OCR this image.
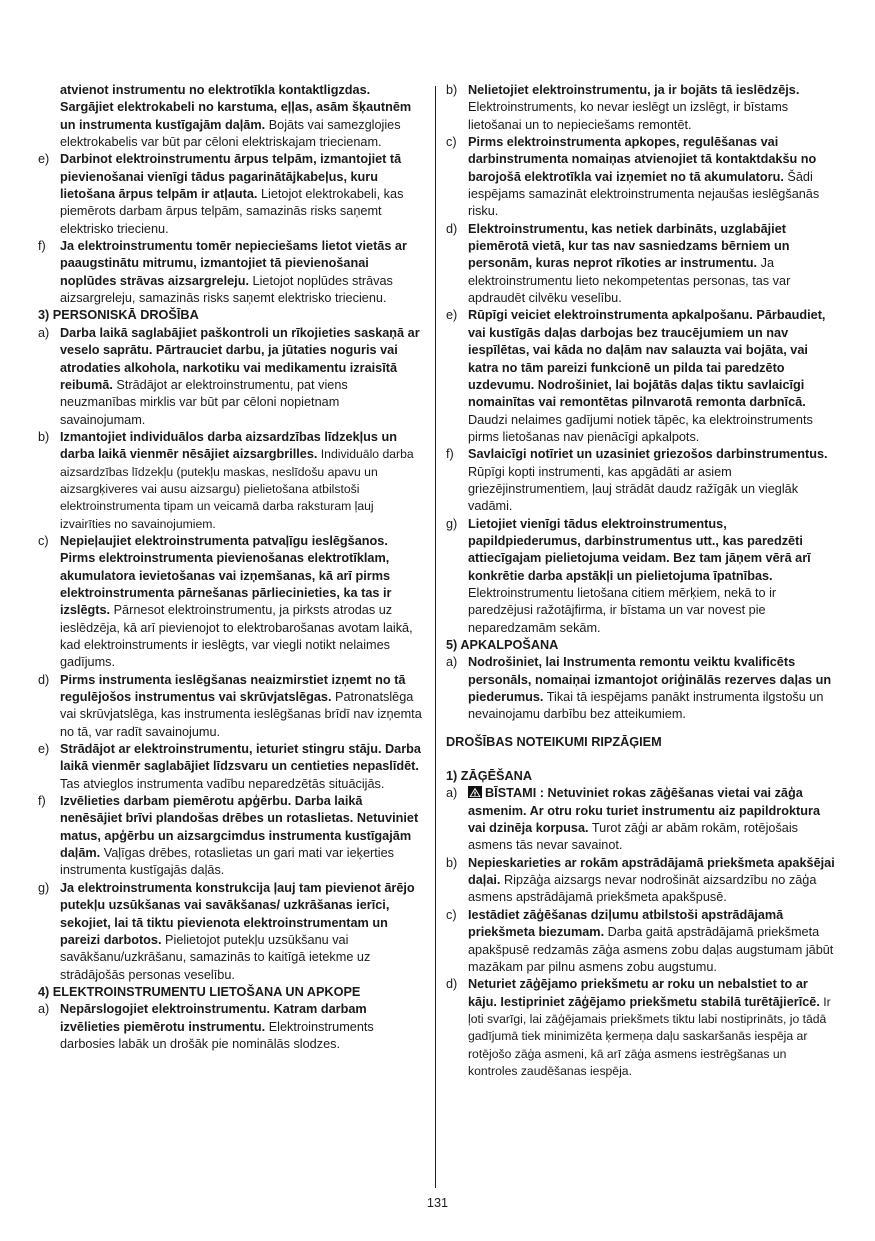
atvienot instrumentu no elektrotīkla kontaktligzdas. Sargājiet elektrokabeli no karstuma, eļļas, asām šķautnēm un instrumenta kustīgajām daļām. Bojāts vai samezglojies elektrokabelis var būt par cēloni elektriskajam triecienam.

e) Darbinot elektroinstrumentu ārpus telpām, izmantojiet tā pievienošanai vienīgi tādus pagarinātājkabeļus, kuru lietošana ārpus telpām ir atļauta. Lietojot elektrokabeli, kas piemērots darbam ārpus telpām, samazinās risks saņemt elektrisko triecienu.

f)	Ja elektroinstrumentu tomēr nepieciešams lietot vietās ar paaugstinātu mitrumu, izmantojiet tā pievienošanai noplūdes strāvas aizsargreleju. Lietojot noplūdes strāvas aizsargreleju, samazinās risks saņemt elektrisko triecienu.

3) PERSONISKĀ DROŠĪBA

a) Darba laikā saglabājiet paškontroli un rīkojieties saskaņā ar veselo saprātu. Pārtrauciet darbu, ja jūtaties noguris vai atrodaties alkohola, narkotiku vai medikamentu izraisītā reibumā. Strādājot ar elektroinstrumentu, pat viens neuzmanības mirklis var būt par cēloni nopietnam savainojumam.

b) Izmantojiet individuālos darba aizsardzības līdzekļus un darba laikā vienmēr nēsājiet aizsargbrilles. Individuālo darba aizsardzības līdzekļu (putekļu maskas, neslīdošu apavu un aizsargķiveres vai ausu aizsargu) pielietošana atbilstoši elektroinstrumenta tipam un veicamā darba raksturam ļauj izvairīties no savainojumiem.

c) Nepieļaujiet elektroinstrumenta patvaļīgu ieslēgšanos. Pirms elektroinstrumenta pievienošanas elektrotīklam, akumulatora ievietošanas vai izņemšanas, kā arī pirms elektroinstrumenta pārnešanas pārliecinieties, ka tas ir izslēgts. Pārnesot elektroinstrumentu, ja pirksts atrodas uz ieslēdzēja, kā arī pievienojot to elektrobarošanas avotam laikā, kad elektroinstruments ir ieslēgts, var viegli notikt nelaimes gadījums.

d) Pirms instrumenta ieslēgšanas neaizmirstiet izņemt no tā regulējošos instrumentus vai skrūvjatslēgas. Patronatslēga vai skrūvjatslēga, kas instrumenta ieslēgšanas brīdī nav izņemta no tā, var radīt savainojumu.

e) Strādājot ar elektroinstrumentu, ieturiet stingru stāju. Darba laikā vienmēr saglabājiet līdzsvaru un centieties nepaslīdēt. Tas atvieglos instrumenta vadību neparedzētās situācijās.

f)	Izvēlieties darbam piemērotu apģērbu. Darba laikā nenēsājiet brīvi plandošas drēbes un rotaslietas. Netuviniet matus, apģērbu un aizsargcimdus instrumenta kustīgajām daļām. Vaļīgas drēbes, rotaslietas un gari mati var ieķerties instrumenta kustīgajās daļās.

g) Ja elektroinstrumenta konstrukcija ļauj tam pievienot ārējo putekļu uzsūkšanas vai savākšanas/ uzkrāšanas ierīci, sekojiet, lai tā tiktu pievienota elektroinstrumentam un pareizi darbotos. Pielietojot putekļu uzsūkšanu vai savākšanu/uzkrāšanu, samazinās to kaitīgā ietekme uz strādājošās personas veselību.

4) ELEKTROINSTRUMENTU LIETOŠANA UN APKOPE

a) Nepārslogojiet elektroinstrumentu. Katram darbam izvēlieties piemērotu instrumentu. Elektroinstruments darbosies labāk un drošāk pie nominālās slodzes.

b) Nelietojiet elektroinstrumentu, ja ir bojāts tā ieslēdzējs. Elektroinstruments, ko nevar ieslēgt un izslēgt, ir bīstams lietošanai un to nepieciešams remontēt.

c) Pirms elektroinstrumenta apkopes, regulēšanas vai darbinstrumenta nomaiņas atvienojiet tā kontaktdakšu no barojošā elektrotīkla vai izņemiet no tā akumulatoru. Šādi iespējams samazināt elektroinstrumenta nejaušas ieslēgšanās risku.

d) Elektroinstrumentu, kas netiek darbināts, uzglabājiet piemērotā vietā, kur tas nav sasniedzams bērniem un personām, kuras neprot rīkoties ar instrumentu. Ja elektroinstrumentu lieto nekompetentas personas, tas var apdraudēt cilvēku veselību.

e) Rūpīgi veiciet elektroinstrumenta apkalpošanu. Pārbaudiet, vai kustīgās daļas darbojas bez traucējumiem un nav iespīlētas, vai kāda no daļām nav salauzta vai bojāta, vai katra no tām pareizi funkcionē un pilda tai paredzēto uzdevumu. Nodrošiniet, lai bojātās daļas tiktu savlaicīgi nomainītas vai remontētas pilnvarotā remonta darbnīcā. Daudzi nelaimes gadījumi notiek tāpēc, ka elektroinstruments pirms lietošanas nav pienācīgi apkalpots.

f)	Savlaicīgi notīriet un uzasiniet griezošos darbinstrumentus. Rūpīgi kopti instrumenti, kas apgādāti ar asiem griezējinstrumentiem, ļauj strādāt daudz ražīgāk un vieglāk vadāmi.

g) Lietojiet vienīgi tādus elektroinstrumentus, papildpiederumus, darbinstrumentus utt., kas paredzēti attiecīgajam pielietojuma veidam. Bez tam jāņem vērā arī konkrētie darba apstākļi un pielietojuma īpatnības. Elektroinstrumentu lietošana citiem mērķiem, nekā to ir paredzējusi ražotājfirma, ir bīstama un var novest pie neparedzamām sekām.

5) APKALPOŠANA

a) Nodrošiniet, lai Instrumenta remontu veiktu kvalificēts personāls, nomaiņai izmantojot oriģinālās rezerves daļas un piederumus. Tikai tā iespējams panākt instrumenta ilgstošu un nevainojamu darbību bez atteikumiem.

DROŠĪBAS NOTEIKUMI RIPZĀĢIEM

1) ZĀĢĒŠANA

a)	BĪSTAMI : Netuviniet rokas zāģēšanas vietai vai zāģa asmenim. Ar otru roku turiet instrumentu aiz papildroktura vai dzinēja korpusa. Turot zāģi ar abām rokām, rotējošais asmens tās nevar savainot.

b) Nepieskarieties ar rokām apstrādājamā priekšmeta apakšējai daļai. Ripzāģa aizsargs nevar nodrošināt aizsardzību no zāģa asmens apstrādājamā priekšmeta apakšpusē.

c) Iestādiet zāģēšanas dziļumu atbilstoši apstrādājamā priekšmeta biezumam. Darba gaitā apstrādājamā priekšmeta apakšpusē redzamās zāģa asmens zobu daļas augstumam jābūt mazākam par pilnu asmens zobu augstumu.

d) Neturiet zāģējamo priekšmetu ar roku un nebalstiet to ar kāju. Iestipriniet zāģējamo priekšmetu stabilā turētājierīcē. Ir ļoti svarīgi, lai zāģējamais priekšmets tiktu labi nostiprināts, jo tādā gadījumā tiek minimizēta ķermeņa daļu saskaršanās iespēja ar rotējošo zāģa asmeni, kā arī zāģa asmens iestrēgšanas un kontroles zaudēšanas iespēja.

131
